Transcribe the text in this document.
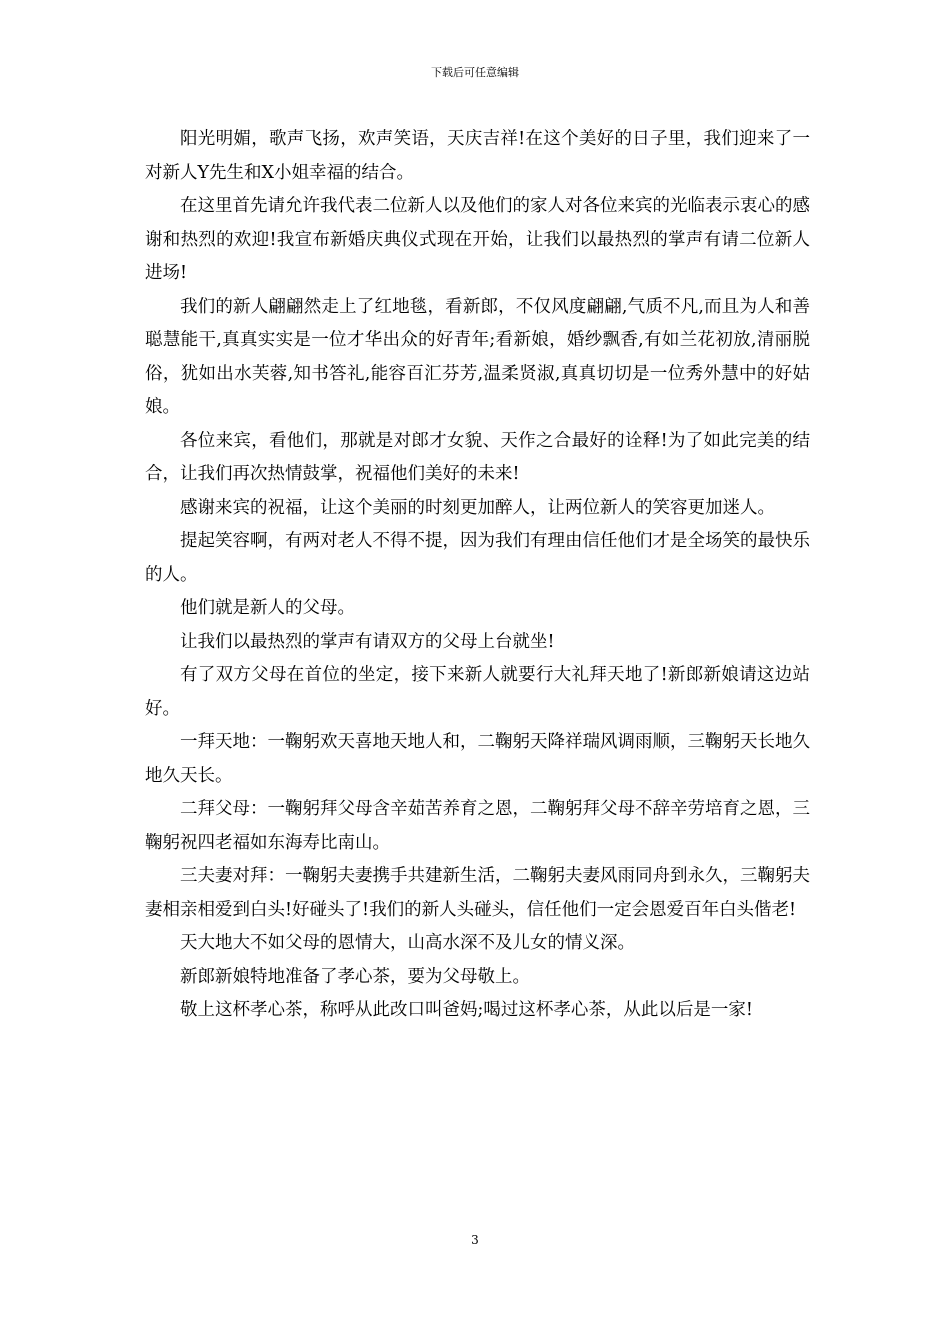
下载后可任意编辑

阳光明媚，歌声飞扬，欢声笑语，天庆吉祥!在这个美好的日子里，我们迎来了一对新人Y先生和X小姐幸福的结合。

在这里首先请允许我代表二位新人以及他们的家人对各位来宾的光临表示衷心的感谢和热烈的欢迎!我宣布新婚庆典仪式现在开始，让我们以最热烈的掌声有请二位新人进场!

我们的新人翩翩然走上了红地毯，看新郎，不仅风度翩翩,气质不凡,而且为人和善聪慧能干,真真实实是一位才华出众的好青年;看新娘，婚纱飘香,有如兰花初放,清丽脱俗，犹如出水芙蓉,知书答礼,能容百汇芬芳,温柔贤淑,真真切切是一位秀外慧中的好姑娘。

各位来宾，看他们，那就是对郎才女貌、天作之合最好的诠释!为了如此完美的结合，让我们再次热情鼓掌，祝福他们美好的未来!

感谢来宾的祝福，让这个美丽的时刻更加醉人，让两位新人的笑容更加迷人。

提起笑容啊，有两对老人不得不提，因为我们有理由信任他们才是全场笑的最快乐的人。

他们就是新人的父母。

让我们以最热烈的掌声有请双方的父母上台就坐!

有了双方父母在首位的坐定，接下来新人就要行大礼拜天地了!新郎新娘请这边站好。

一拜天地：一鞠躬欢天喜地天地人和，二鞠躬天降祥瑞风调雨顺，三鞠躬天长地久地久天长。

二拜父母：一鞠躬拜父母含辛茹苦养育之恩，二鞠躬拜父母不辞辛劳培育之恩，三鞠躬祝四老福如东海寿比南山。

三夫妻对拜：一鞠躬夫妻携手共建新生活，二鞠躬夫妻风雨同舟到永久，三鞠躬夫妻相亲相爱到白头!好碰头了!我们的新人头碰头，信任他们一定会恩爱百年白头偕老!

天大地大不如父母的恩情大，山高水深不及儿女的情义深。

新郎新娘特地准备了孝心茶，要为父母敬上。

敬上这杯孝心茶，称呼从此改口叫爸妈;喝过这杯孝心茶，从此以后是一家!

3
